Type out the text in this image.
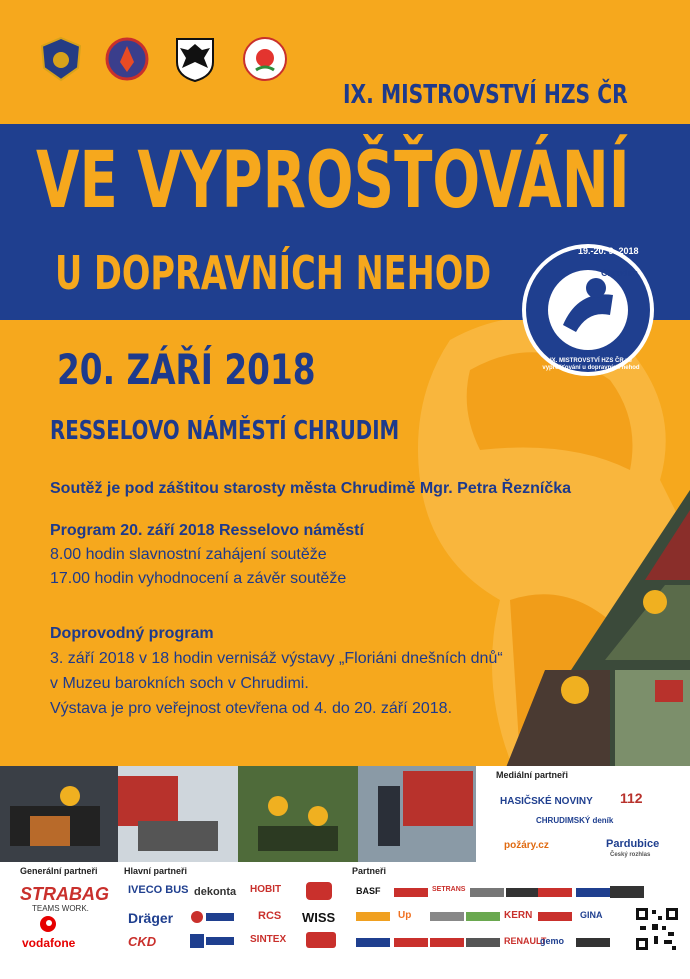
IX. MISTROVSTVÍ HZS ČR
VE VYPROŠŤOVÁNÍ
U DOPRAVNÍCH NEHOD	19.-20. 9. 2018
Chrudim
IX. MISTROVSTVÍ HZS ČR ve vyprošťování u dopravních nehod
20. ZÁŘÍ 2018
RESSELOVO NÁMĚSTÍ CHRUDIM
Soutěž je pod záštitou starosty města Chrudimě Mgr. Petra Řezníčka
Program 20. září 2018 Resselovo náměstí
8.00 hodin slavnostní zahájení soutěže
17.00 hodin vyhodnocení a závěr soutěže
Doprovodný program
3. září 2018 v 18 hodin vernisáž výstavy „Floriáni dnešních dnů“
v Muzeu barokních soch v Chrudimi.
Výstava je pro veřejnost otevřena od 4. do 20. září 2018.
Mediální partneři
HASIČSKÉ NOVINY 112
CHRUDIMSKÝ deník
požáry.cz	Pardubice
Český rozhlas
Generální partneři	Hlavní partneři	Partneři
STRABAG
TEAMS WORK.
vodafone
IVECO BUS dekonta HOBIT
Dräger	RCS WISS
CKD	SINTEX
BASF	SETRANS
Up	KERN	GINA
RENAULT
gemo
